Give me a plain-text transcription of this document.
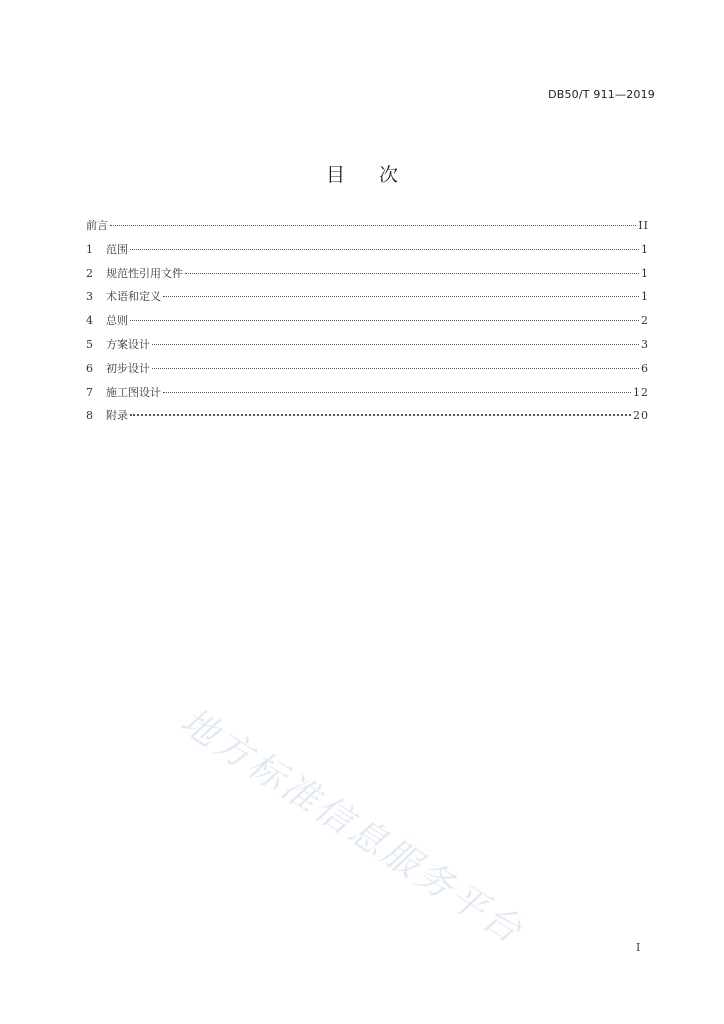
DB50/T 911—2019
目次
前言	II
1	范围	1
2	规范性引用文件	1
3	术语和定义	1
4	总则	2
5	方案设计	3
6	初步设计	6
7	施工图设计	12
8	附录	20
地方标准信息服务平台	I
